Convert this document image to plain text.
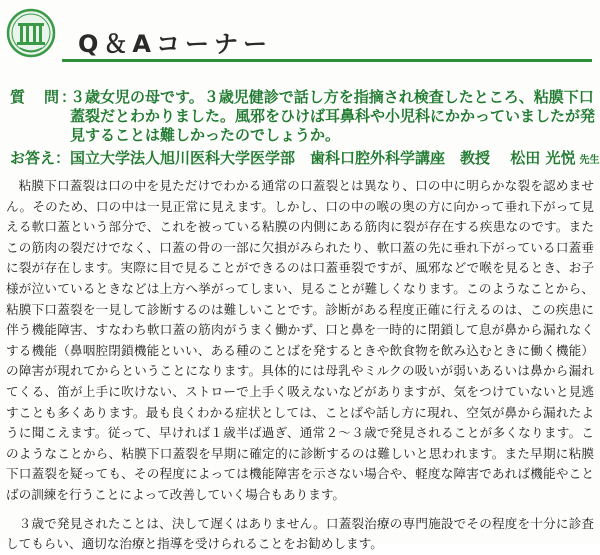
Q＆Aコーナー
質　問：
３歳女児の母です。３歳児健診で話し方を指摘され検査したところ、粘膜下口蓋裂だとわかりました。風邪をひけば耳鼻科や小児科にかかっていましたが発見することは難しかったのでしょうか。
お答え： 国立大学法人旭川医科大学医学部　歯科口腔外科学講座　教授　 松田 光悦 先生

粘膜下口蓋裂は口の中を見ただけでわかる通常の口蓋裂とは異なり、口の中に明らかな裂を認めません。そのため、口の中は一見正常に見えます。しかし、口の中の喉の奥の方に向かって垂れ下がって見える軟口蓋という部分で、これを被っている粘膜の内側にある筋肉に裂が存在する疾患なのです。またこの筋肉の裂だけでなく、口蓋の骨の一部に欠損がみられたり、軟口蓋の先に垂れ下がっている口蓋垂に裂が存在します。実際に目で見ることができるのは口蓋垂裂ですが、風邪などで喉を見るとき、お子様が泣いているときなどは上方へ挙がってしまい、見ることが難しくなります。このようなことから、粘膜下口蓋裂を一見して診断するのは難しいことです。診断がある程度正確に行えるのは、この疾患に伴う機能障害、すなわち軟口蓋の筋肉がうまく働かず、口と鼻を一時的に閉鎖して息が鼻から漏れなくする機能（鼻咽腔閉鎖機能といい、ある種のことばを発するときや飲食物を飲み込むときに働く機能）の障害が現れてからということになります。具体的には母乳やミルクの吸いが弱いあるいは鼻から漏れてくる、笛が上手に吹けない、ストローで上手く吸えないなどがありますが、気をつけていないと見逃すことも多くあります。最も良くわかる症状としては、ことばや話し方に現れ、空気が鼻から漏れたように聞こえます。従って、早ければ１歳半ば過ぎ、通常２～３歳で発見されることが多くなります。このようなことから、粘膜下口蓋裂を早期に確定的に診断するのは難しいと思われます。また早期に粘膜下口蓋裂を疑っても、その程度によっては機能障害を示さない場合や、軽度な障害であれば機能やことばの訓練を行うことによって改善していく場合もあります。

３歳で発見されたことは、決して遅くはありません。口蓋裂治療の専門施設でその程度を十分に診査してもらい、適切な治療と指導を受けられることをお勧めします。
